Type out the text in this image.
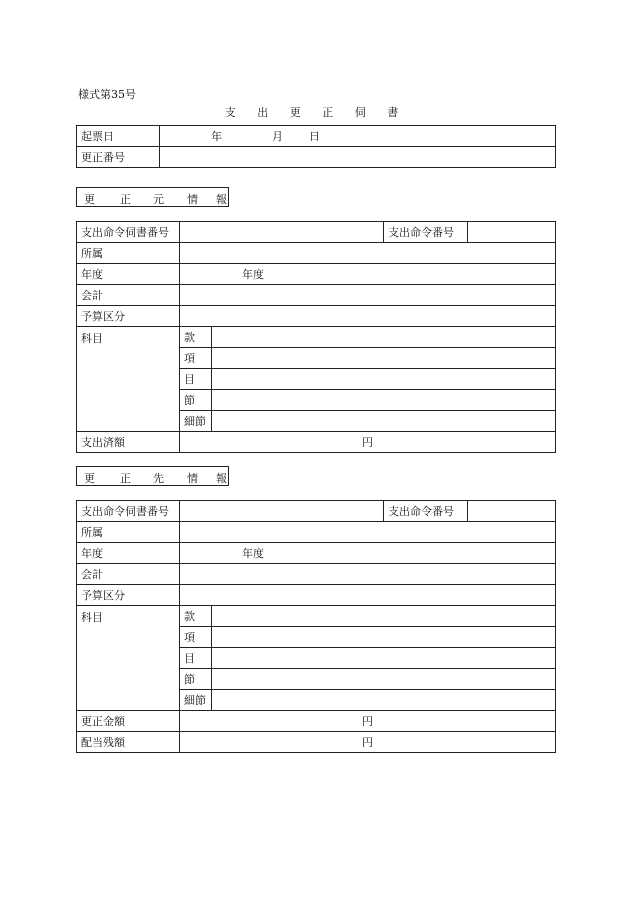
様式第35号
支 出 更 正 伺 書
起票日	年 月 日
更正番号	
更 正 元 情 報
支出命令伺書番号			支出命令番号	
所属				
年度	年度			
会計				
予算区分				
科目	款			
	項			
	目			
	節			
	細節			
支出済額	円			
更 正 先 情 報
支出命令伺書番号			支出命令番号	
所属				
年度	年度			
会計				
予算区分				
科目	款			
	項			
	目			
	節			
	細節			
更正金額	円			
配当残額	円			
